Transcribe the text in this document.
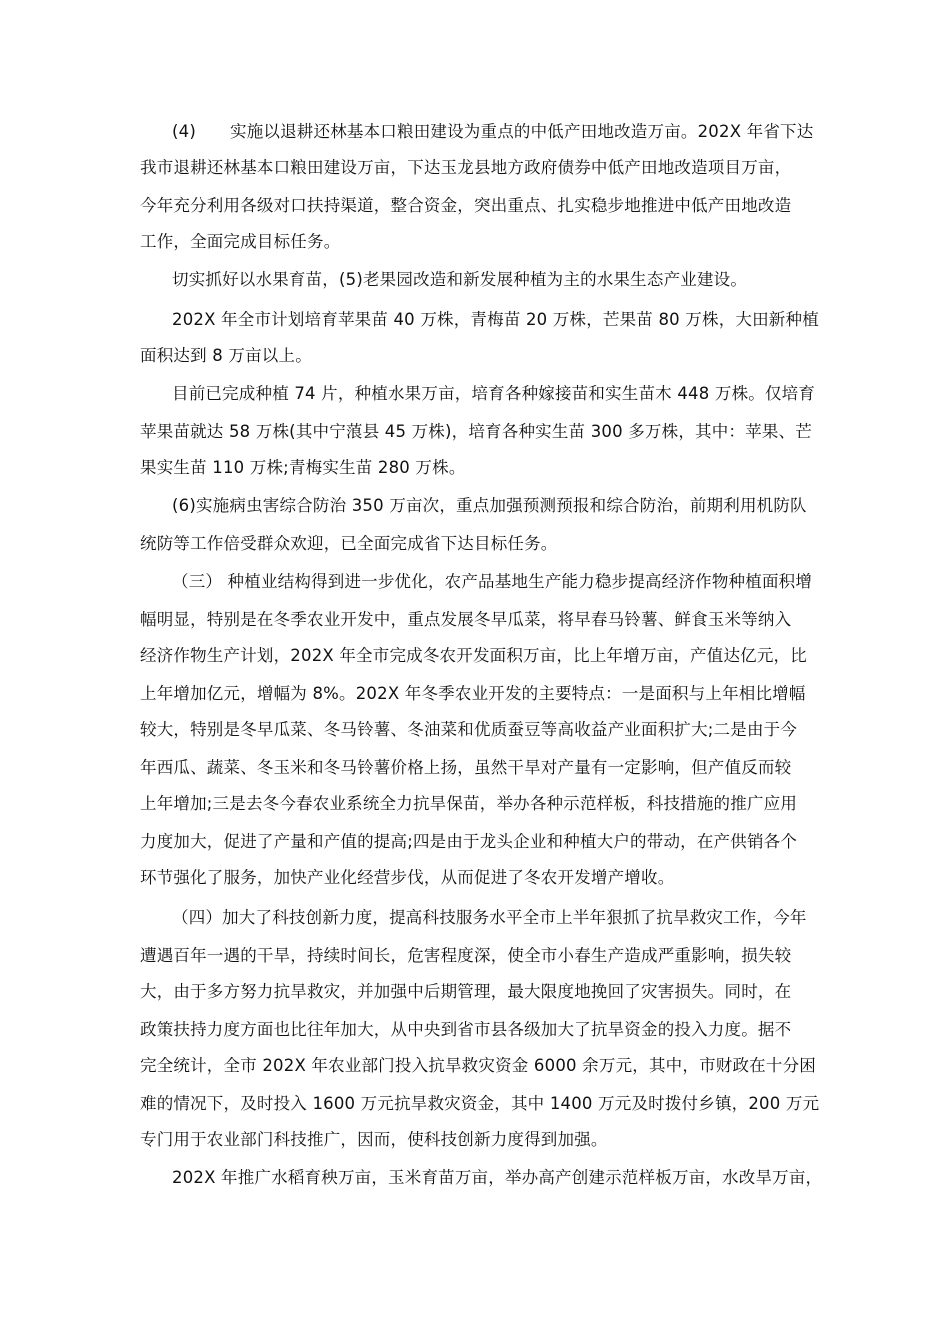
(4) 实施以退耕还林基本口粮田建设为重点的中低产田地改造万亩。202X 年省下达
我市退耕还林基本口粮田建设万亩，下达玉龙县地方政府债券中低产田地改造项目万亩，
今年充分利用各级对口扶持渠道，整合资金，突出重点、扎实稳步地推进中低产田地改造
工作，全面完成目标任务。
切实抓好以水果育苗，(5)老果园改造和新发展种植为主的水果生态产业建设。
202X 年全市计划培育苹果苗 40 万株，青梅苗 20 万株，芒果苗 80 万株，大田新种植
面积达到 8 万亩以上。
目前已完成种植 74 片，种植水果万亩，培育各种嫁接苗和实生苗木 448 万株。仅培育
苹果苗就达 58 万株(其中宁蒗县 45 万株)，培育各种实生苗 300 多万株，其中：苹果、芒
果实生苗 110 万株;青梅实生苗 280 万株。
(6)实施病虫害综合防治 350 万亩次，重点加强预测预报和综合防治，前期利用机防队
统防等工作倍受群众欢迎，已全面完成省下达目标任务。
（三） 种植业结构得到进一步优化，农产品基地生产能力稳步提高经济作物种植面积增
幅明显，特别是在冬季农业开发中，重点发展冬早瓜菜，将早春马铃薯、鲜食玉米等纳入
经济作物生产计划，202X 年全市完成冬农开发面积万亩，比上年增万亩，产值达亿元，比
上年增加亿元，增幅为 8%。202X 年冬季农业开发的主要特点：一是面积与上年相比增幅
较大，特别是冬早瓜菜、冬马铃薯、冬油菜和优质蚕豆等高收益产业面积扩大;二是由于今
年西瓜、蔬菜、冬玉米和冬马铃薯价格上扬，虽然干旱对产量有一定影响，但产值反而较
上年增加;三是去冬今春农业系统全力抗旱保苗，举办各种示范样板，科技措施的推广应用
力度加大，促进了产量和产值的提高;四是由于龙头企业和种植大户的带动，在产供销各个
环节强化了服务，加快产业化经营步伐，从而促进了冬农开发增产增收。
（四）加大了科技创新力度，提高科技服务水平全市上半年狠抓了抗旱救灾工作，今年
遭遇百年一遇的干旱，持续时间长，危害程度深，使全市小春生产造成严重影响，损失较
大，由于多方努力抗旱救灾，并加强中后期管理，最大限度地挽回了灾害损失。同时，在
政策扶持力度方面也比往年加大，从中央到省市县各级加大了抗旱资金的投入力度。据不
完全统计，全市 202X 年农业部门投入抗旱救灾资金 6000 余万元，其中，市财政在十分困
难的情况下，及时投入 1600 万元抗旱救灾资金，其中 1400 万元及时拨付乡镇，200 万元
专门用于农业部门科技推广，因而，使科技创新力度得到加强。
202X 年推广水稻育秧万亩，玉米育苗万亩，举办高产创建示范样板万亩，水改旱万亩，
